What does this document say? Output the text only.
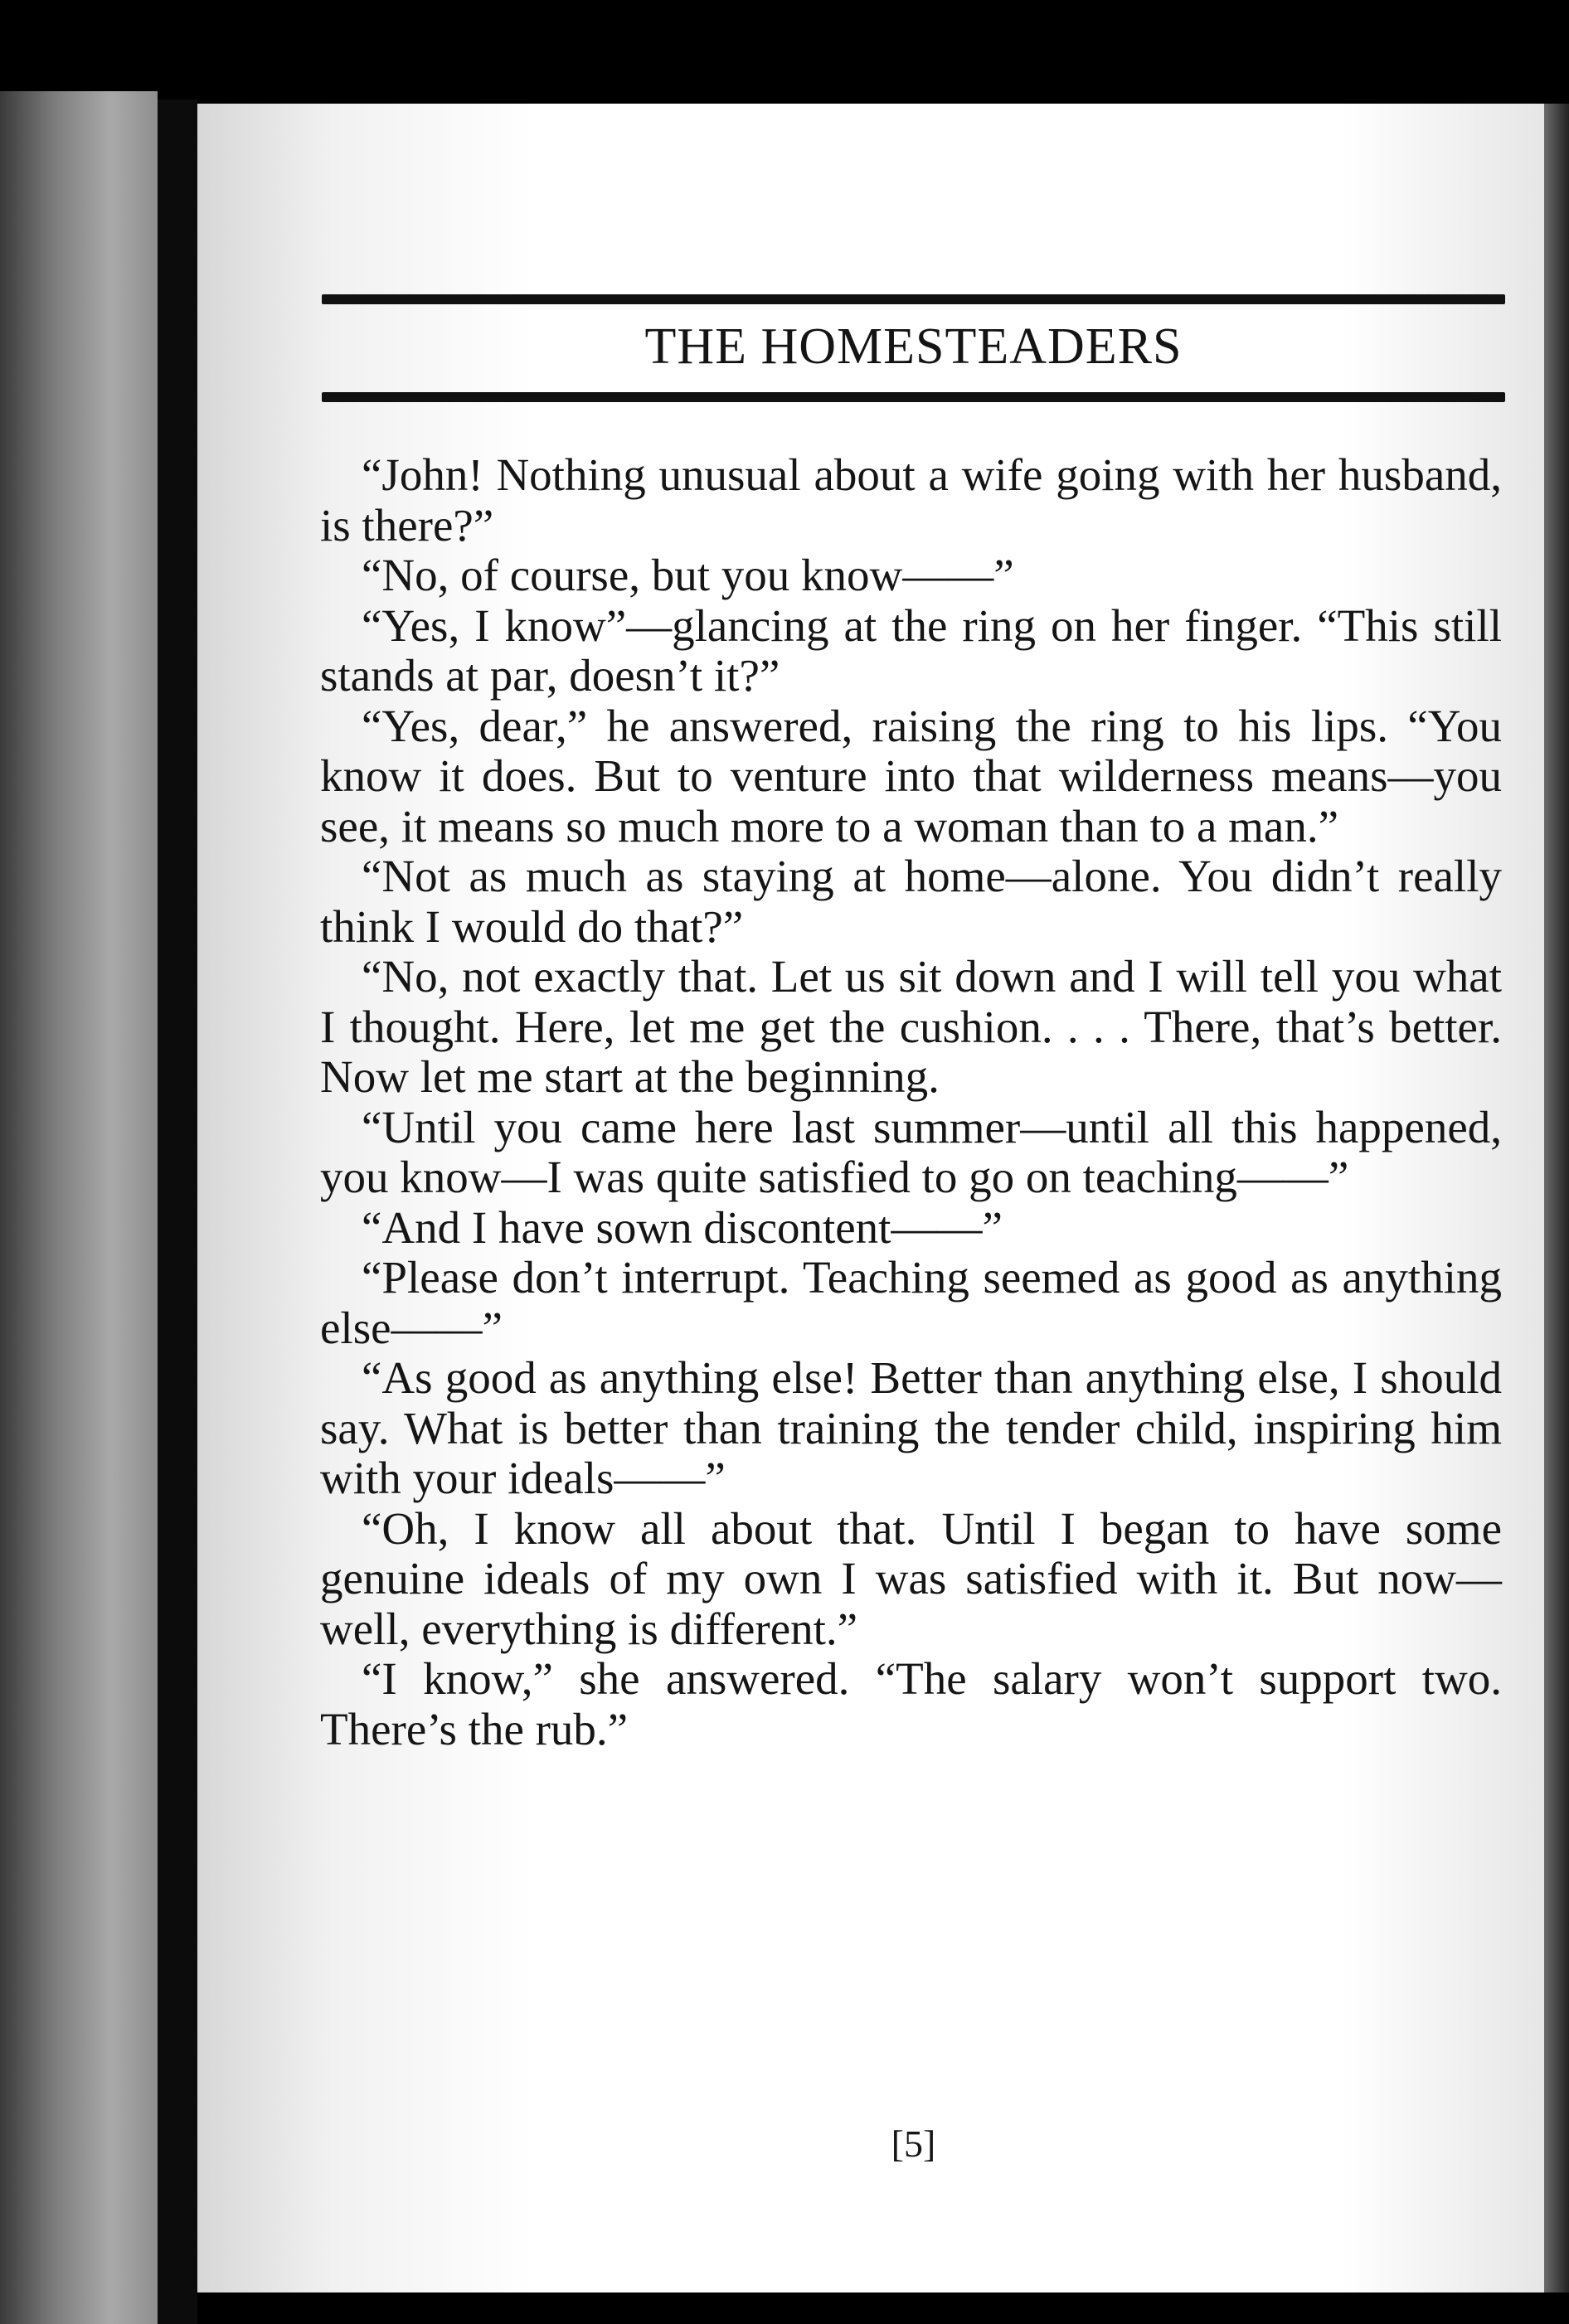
THE HOMESTEADERS

“John! Nothing unusual about a wife going with her husband, is there?”

“No, of course, but you know——”

“Yes, I know”—glancing at the ring on her finger. “This still stands at par, doesn’t it?”

“Yes, dear,” he answered, raising the ring to his lips. “You know it does. But to venture into that wilderness means—you see, it means so much more to a woman than to a man.”

“Not as much as staying at home—alone. You didn’t really think I would do that?”

“No, not exactly that. Let us sit down and I will tell you what I thought. Here, let me get the cushion. . . . There, that’s better. Now let me start at the beginning.

“Until you came here last summer—until all this happened, you know—I was quite satisfied to go on teaching——”

“And I have sown discontent——”

“Please don’t interrupt. Teaching seemed as good as anything else——”

“As good as anything else! Better than anything else, I should say. What is better than training the tender child, inspiring him with your ideals——”

“Oh, I know all about that. Until I began to have some genuine ideals of my own I was satisfied with it. But now—well, everything is different.”

“I know,” she answered. “The salary won’t support two. There’s the rub.”

[5]
